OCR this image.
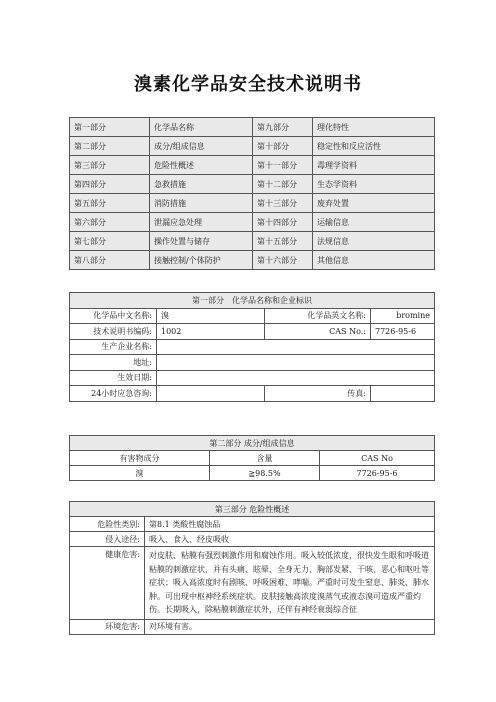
溴素化学品安全技术说明书
第一部分	化学品名称	第九部分	理化特性
第二部分	成分/组成信息	第十部分	稳定性和反应活性
第三部分	危险性概述	第十一部分	毒理学资料
第四部分	急救措施	第十二部分	生态学资料
第五部分	消防措施	第十三部分	废弃处置
第六部分	泄漏应急处理	第十四部分	运输信息
第七部分	操作处置与储存	第十五部分	法规信息
第八部分	接触控制/个体防护	第十六部分	其他信息
第一部分　化学品名称和企业标识			
化学品中文名称:	溴	化学品英文名称:	bromine
技术说明书编码:	1002	CAS No.:	7726-95-6
生产企业名称:			
地址:			
生效日期:			
24小时应急咨询:		传真:	
第二部分 成分/组成信息		
有害物成分	含量	CAS No
溴	≧98.5%	7726-95-6
第三部分 危险性概述	
危险性类别:	第8.1 类酸性腐蚀品
侵入途径:	吸入、食入、经皮吸收
健康危害:	对皮肤、粘膜有强烈刺激作用和腐蚀作用。吸入较低浓度，很快发生眼和呼吸道粘膜的刺激症状，并有头痛、眩晕、全身无力、胸部发紧、干咳、恶心和呕吐等症状；吸入高浓度时有剧咳、呼吸困难、哮喘。严重时可发生窒息、肺炎、肺水肿。可出现中枢神经系统症状。皮肤接触高浓度溴蒸气或液态溴可造成严重灼伤。长期吸入，除粘膜刺激症状外，还伴有神经衰弱综合征
环境危害:	对环境有害。
